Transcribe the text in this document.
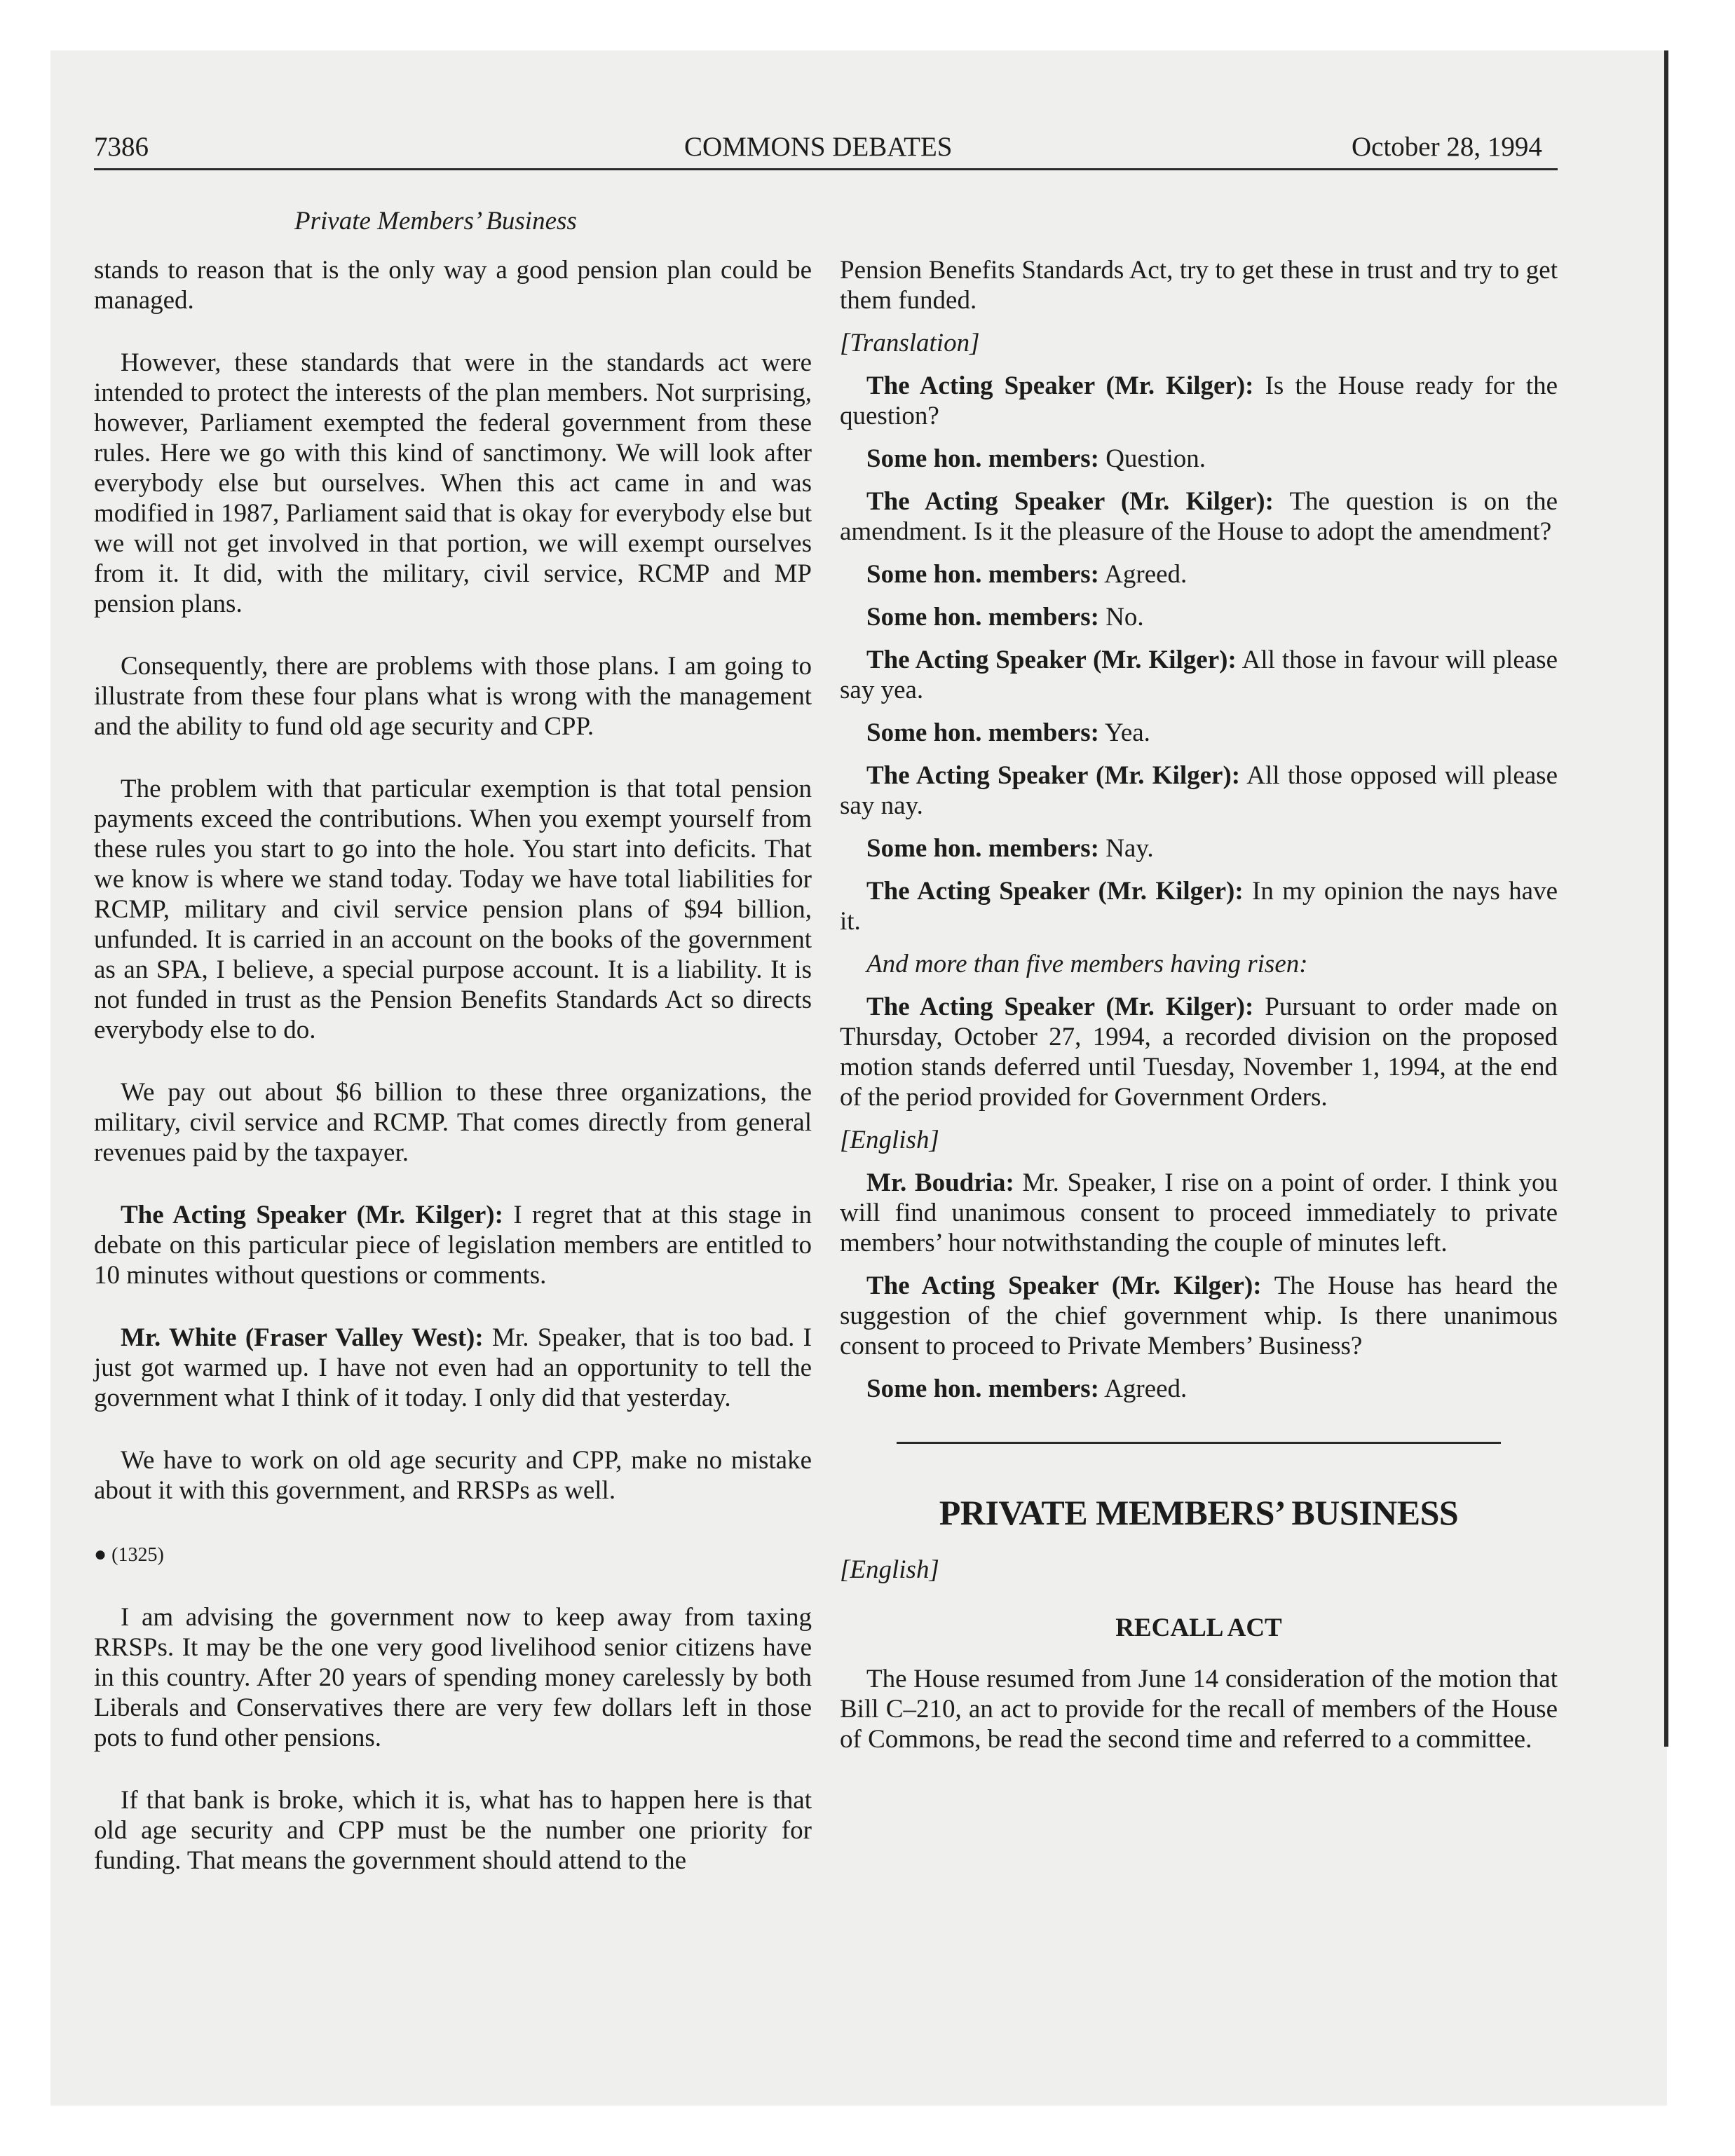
7386	COMMONS DEBATES	October 28, 1994
Private Members’ Business

stands to reason that is the only way a good pension plan could be managed.

However, these standards that were in the standards act were intended to protect the interests of the plan members. Not surprising, however, Parliament exempted the federal government from these rules. Here we go with this kind of sanctimony. We will look after everybody else but ourselves. When this act came in and was modified in 1987, Parliament said that is okay for everybody else but we will not get involved in that portion, we will exempt ourselves from it. It did, with the military, civil service, RCMP and MP pension plans.

Consequently, there are problems with those plans. I am going to illustrate from these four plans what is wrong with the management and the ability to fund old age security and CPP.

The problem with that particular exemption is that total pension payments exceed the contributions. When you exempt yourself from these rules you start to go into the hole. You start into deficits. That we know is where we stand today. Today we have total liabilities for RCMP, military and civil service pension plans of $94 billion, unfunded. It is carried in an account on the books of the government as an SPA, I believe, a special purpose account. It is a liability. It is not funded in trust as the Pension Benefits Standards Act so directs everybody else to do.

We pay out about $6 billion to these three organizations, the military, civil service and RCMP. That comes directly from general revenues paid by the taxpayer.

The Acting Speaker (Mr. Kilger): I regret that at this stage in debate on this particular piece of legislation members are entitled to 10 minutes without questions or comments.

Mr. White (Fraser Valley West): Mr. Speaker, that is too bad. I just got warmed up. I have not even had an opportunity to tell the government what I think of it today. I only did that yesterday.

We have to work on old age security and CPP, make no mistake about it with this government, and RRSPs as well.

● (1325)

I am advising the government now to keep away from taxing RRSPs. It may be the one very good livelihood senior citizens have in this country. After 20 years of spending money carelessly by both Liberals and Conservatives there are very few dollars left in those pots to fund other pensions.

If that bank is broke, which it is, what has to happen here is that old age security and CPP must be the number one priority for funding. That means the government should attend to the

Pension Benefits Standards Act, try to get these in trust and try to get them funded.

[Translation]

The Acting Speaker (Mr. Kilger): Is the House ready for the question?

Some hon. members: Question.

The Acting Speaker (Mr. Kilger): The question is on the amendment. Is it the pleasure of the House to adopt the amendment?

Some hon. members: Agreed.

Some hon. members: No.

The Acting Speaker (Mr. Kilger): All those in favour will please say yea.

Some hon. members: Yea.

The Acting Speaker (Mr. Kilger): All those opposed will please say nay.

Some hon. members: Nay.

The Acting Speaker (Mr. Kilger): In my opinion the nays have it.

And more than five members having risen:

The Acting Speaker (Mr. Kilger): Pursuant to order made on Thursday, October 27, 1994, a recorded division on the proposed motion stands deferred until Tuesday, November 1, 1994, at the end of the period provided for Government Orders.

[English]

Mr. Boudria: Mr. Speaker, I rise on a point of order. I think you will find unanimous consent to proceed immediately to private members’ hour notwithstanding the couple of minutes left.

The Acting Speaker (Mr. Kilger): The House has heard the suggestion of the chief government whip. Is there unanimous consent to proceed to Private Members’ Business?

Some hon. members: Agreed.

PRIVATE MEMBERS’ BUSINESS

[English]

RECALL ACT

The House resumed from June 14 consideration of the motion that Bill C–210, an act to provide for the recall of members of the House of Commons, be read the second time and referred to a committee.
